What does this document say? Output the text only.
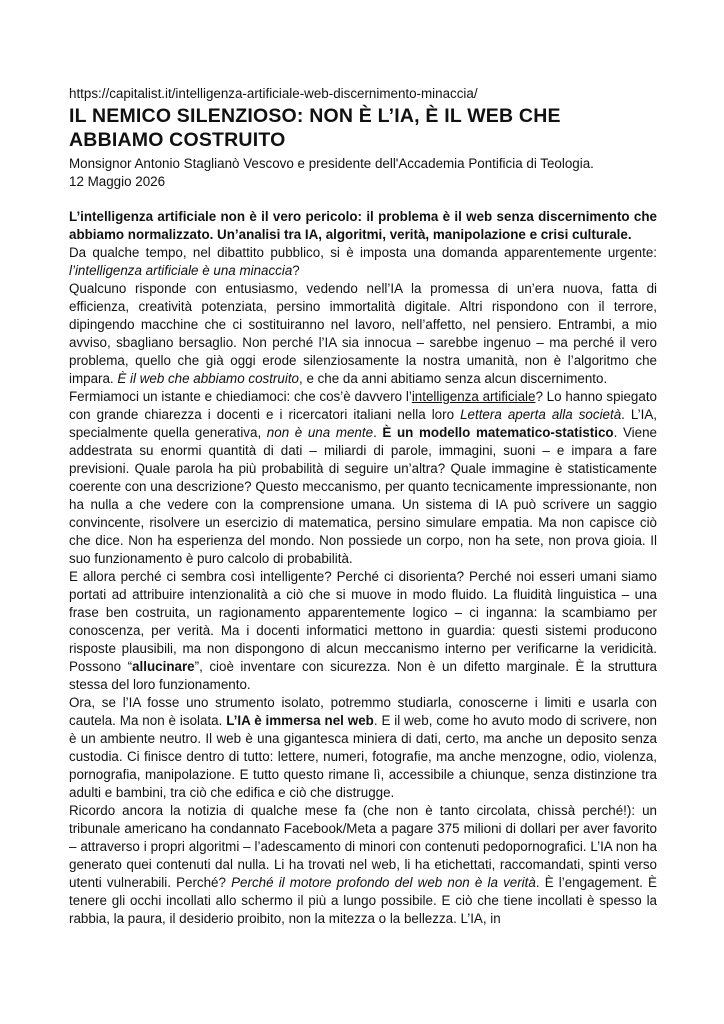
https://capitalist.it/intelligenza-artificiale-web-discernimento-minaccia/

IL NEMICO SILENZIOSO: NON È L’IA, È IL WEB CHE ABBIAMO COSTRUITO

Monsignor Antonio Staglianò Vescovo e presidente dell'Accademia Pontificia di Teologia.

12 Maggio 2026

L’intelligenza artificiale non è il vero pericolo: il problema è il web senza discernimento che abbiamo normalizzato. Un’analisi tra IA, algoritmi, verità, manipolazione e crisi culturale.

Da qualche tempo, nel dibattito pubblico, si è imposta una domanda apparentemente urgente: l’intelligenza artificiale è una minaccia?

Qualcuno risponde con entusiasmo, vedendo nell’IA la promessa di un’era nuova, fatta di efficienza, creatività potenziata, persino immortalità digitale. Altri rispondono con il terrore, dipingendo macchine che ci sostituiranno nel lavoro, nell’affetto, nel pensiero. Entrambi, a mio avviso, sbagliano bersaglio. Non perché l’IA sia innocua – sarebbe ingenuo – ma perché il vero problema, quello che già oggi erode silenziosamente la nostra umanità, non è l’algoritmo che impara. È il web che abbiamo costruito, e che da anni abitiamo senza alcun discernimento.

Fermiamoci un istante e chiediamoci: che cos’è davvero l’intelligenza artificiale? Lo hanno spiegato con grande chiarezza i docenti e i ricercatori italiani nella loro Lettera aperta alla società. L’IA, specialmente quella generativa, non è una mente. È un modello matematico-statistico. Viene addestrata su enormi quantità di dati – miliardi di parole, immagini, suoni – e impara a fare previsioni. Quale parola ha più probabilità di seguire un’altra? Quale immagine è statisticamente coerente con una descrizione? Questo meccanismo, per quanto tecnicamente impressionante, non ha nulla a che vedere con la comprensione umana. Un sistema di IA può scrivere un saggio convincente, risolvere un esercizio di matematica, persino simulare empatia. Ma non capisce ciò che dice. Non ha esperienza del mondo. Non possiede un corpo, non ha sete, non prova gioia. Il suo funzionamento è puro calcolo di probabilità.

E allora perché ci sembra così intelligente? Perché ci disorienta? Perché noi esseri umani siamo portati ad attribuire intenzionalità a ciò che si muove in modo fluido. La fluidità linguistica – una frase ben costruita, un ragionamento apparentemente logico – ci inganna: la scambiamo per conoscenza, per verità. Ma i docenti informatici mettono in guardia: questi sistemi producono risposte plausibili, ma non dispongono di alcun meccanismo interno per verificarne la veridicità. Possono “allucinare”, cioè inventare con sicurezza. Non è un difetto marginale. È la struttura stessa del loro funzionamento.

Ora, se l’IA fosse uno strumento isolato, potremmo studiarla, conoscerne i limiti e usarla con cautela. Ma non è isolata. L’IA è immersa nel web. E il web, come ho avuto modo di scrivere, non è un ambiente neutro. Il web è una gigantesca miniera di dati, certo, ma anche un deposito senza custodia. Ci finisce dentro di tutto: lettere, numeri, fotografie, ma anche menzogne, odio, violenza, pornografia, manipolazione. E tutto questo rimane lì, accessibile a chiunque, senza distinzione tra adulti e bambini, tra ciò che edifica e ciò che distrugge.

Ricordo ancora la notizia di qualche mese fa (che non è tanto circolata, chissà perché!): un tribunale americano ha condannato Facebook/Meta a pagare 375 milioni di dollari per aver favorito – attraverso i propri algoritmi – l’adescamento di minori con contenuti pedopornografici. L’IA non ha generato quei contenuti dal nulla. Li ha trovati nel web, li ha etichettati, raccomandati, spinti verso utenti vulnerabili. Perché? Perché il motore profondo del web non è la verità. È l’engagement. È tenere gli occhi incollati allo schermo il più a lungo possibile. E ciò che tiene incollati è spesso la rabbia, la paura, il desiderio proibito, non la mitezza o la bellezza. L’IA, in
